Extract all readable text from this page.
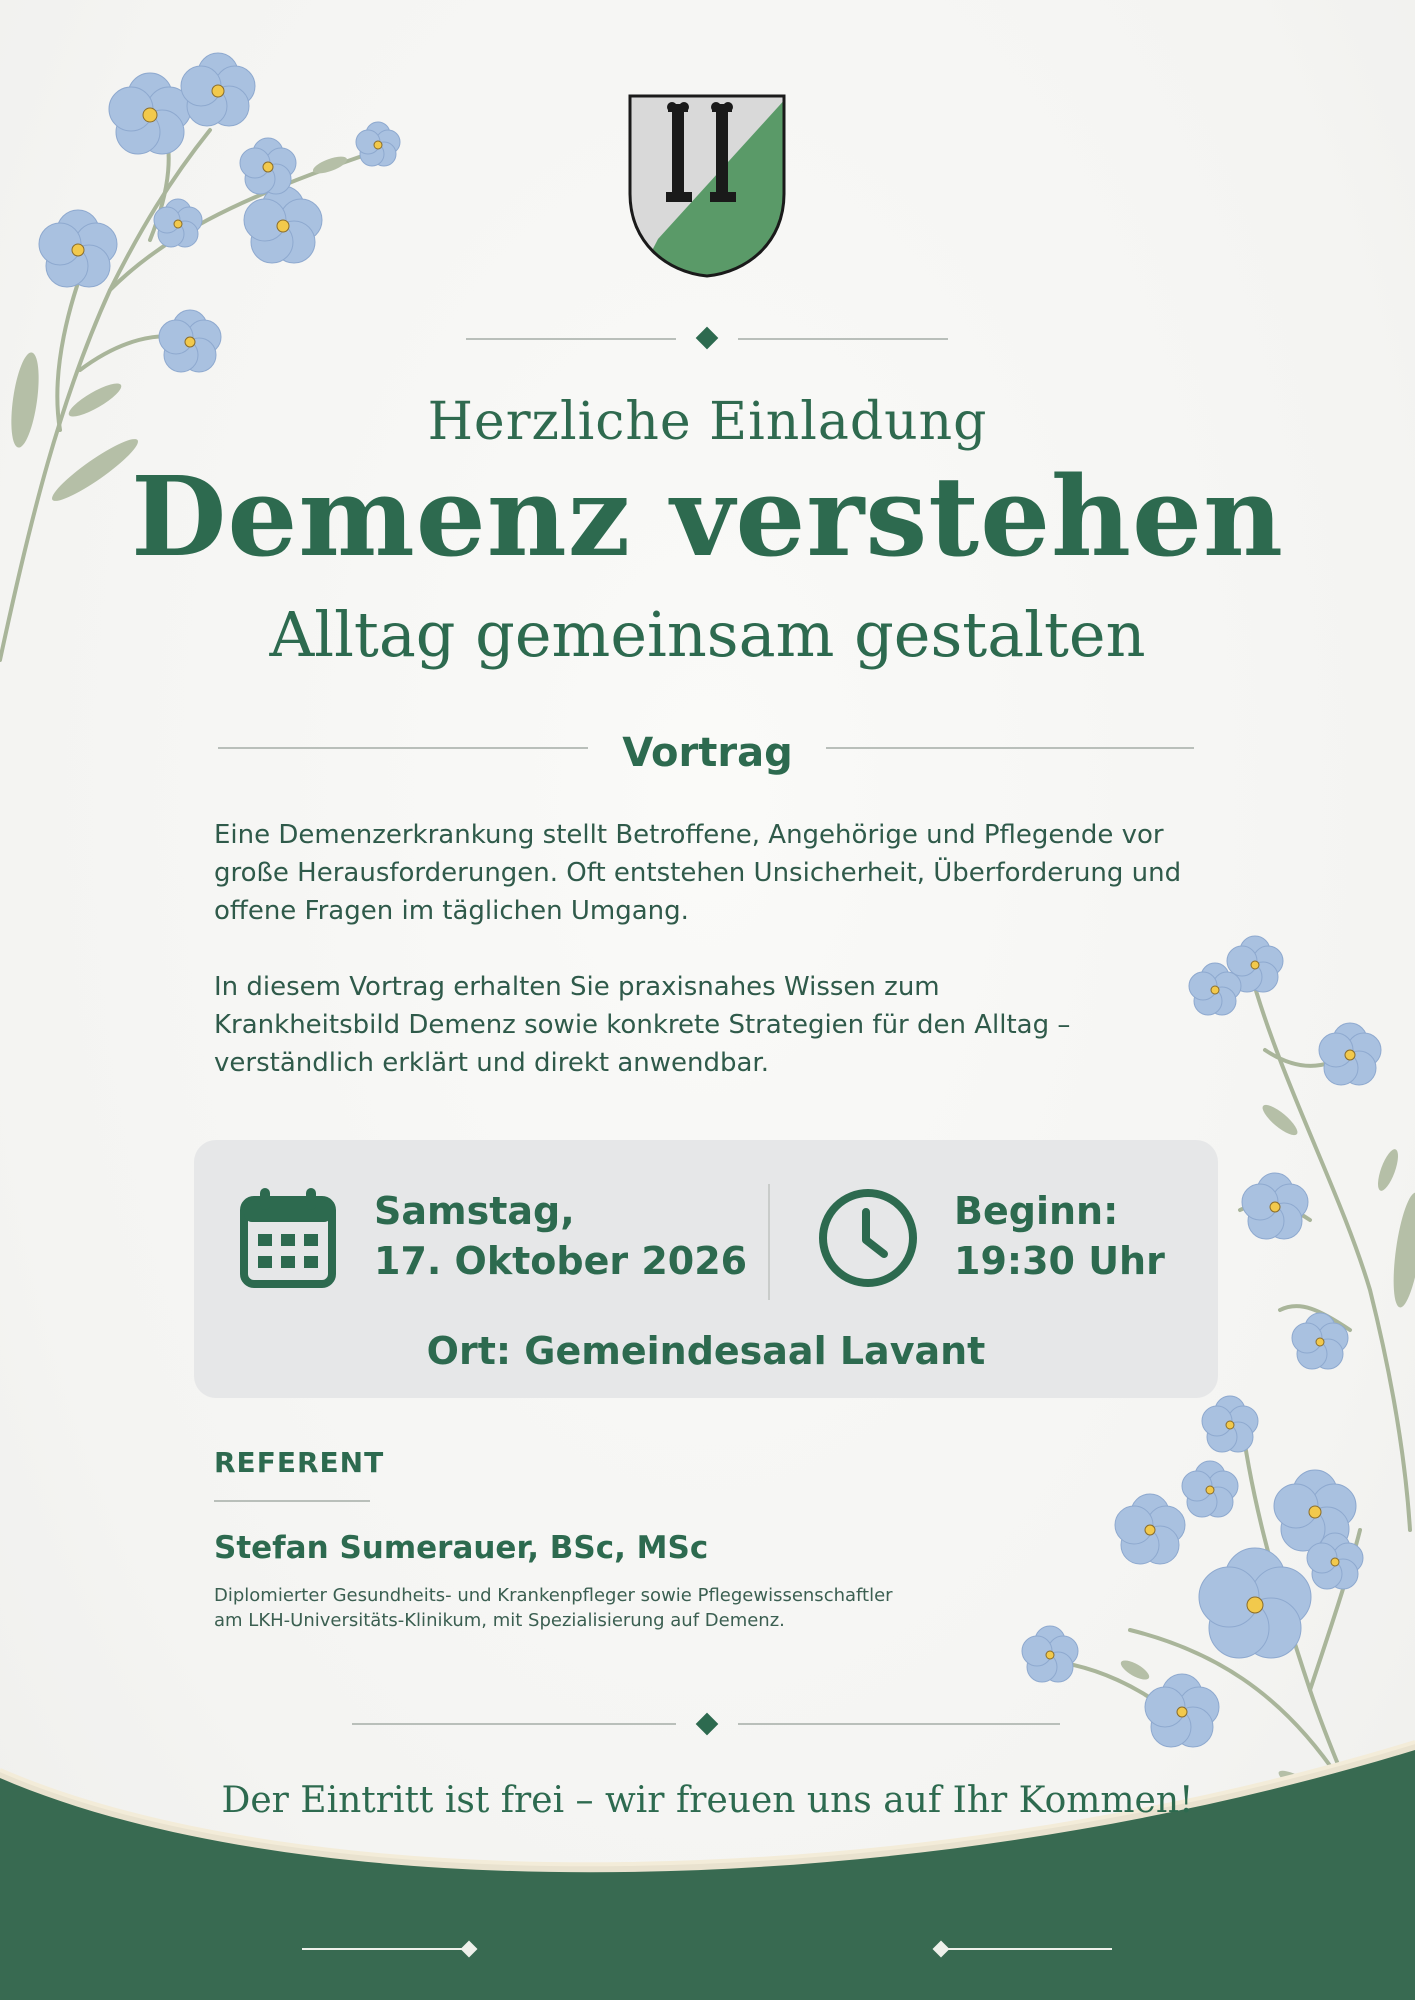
Herzliche Einladung
Demenz verstehen
Alltag gemeinsam gestalten
Vortrag
Eine Demenzerkrankung stellt Betroffene, Angehörige und Pflegende vor
große Herausforderungen. Oft entstehen Unsicherheit, Überforderung und
offene Fragen im täglichen Umgang.
In diesem Vortrag erhalten Sie praxisnahes Wissen zum
Krankheitsbild Demenz sowie konkrete Strategien für den Alltag –
verständlich erklärt und direkt anwendbar.
Samstag,
17. Oktober 2026
Beginn:
19:30 Uhr
Ort: Gemeindesaal Lavant
REFERENT
Stefan Sumerauer, BSc, MSc
Diplomierter Gesundheits- und Krankenpfleger sowie Pflegewissenschaftler
am LKH-Universitäts-Klinikum, mit Spezialisierung auf Demenz.
Der Eintritt ist frei – wir freuen uns auf Ihr Kommen!
